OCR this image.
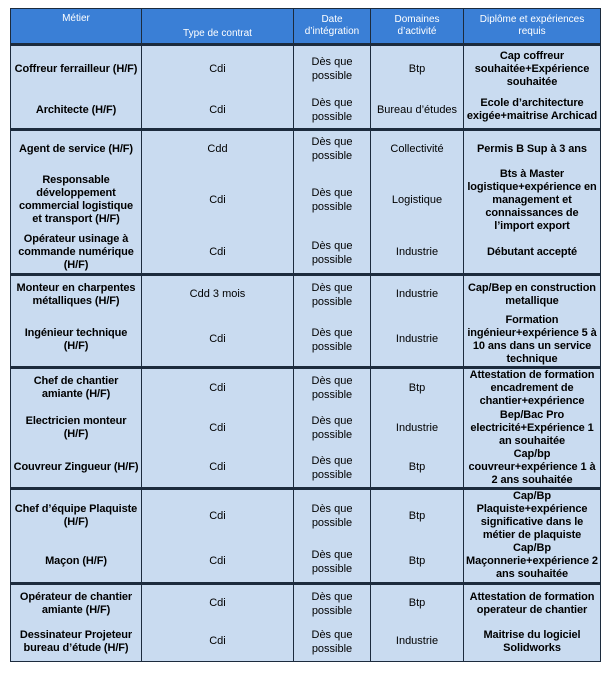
Métier	Type de contrat	Date d’intégration	Domaines d’activité	Diplôme et expériences requis
Coffreur ferrailleur (H/F)	Cdi	Dès que possible	Btp	Cap coffreur souhaitée+Expérience souhaitée
Architecte (H/F)	Cdi	Dès que possible	Bureau d’études	Ecole d’architecture exigée+maitrise Archicad
Agent de service (H/F)	Cdd	Dès que possible	Collectivité	Permis B Sup à 3 ans
Responsable développement commercial logistique et transport (H/F)	Cdi	Dès que possible	Logistique	Bts à Master logistique+expérience en management et connaissances de l’import export
Opérateur usinage à commande numérique (H/F)	Cdi	Dès que possible	Industrie	Débutant accepté
Monteur en charpentes métalliques (H/F)	Cdd 3 mois	Dès que possible	Industrie	Cap/Bep en construction metallique
Ingénieur technique (H/F)	Cdi	Dès que possible	Industrie	Formation ingénieur+expérience 5 à 10 ans dans un service technique
Chef de chantier amiante (H/F)	Cdi	Dès que possible	Btp	Attestation de formation encadrement de chantier+expérience
Electricien monteur (H/F)	Cdi	Dès que possible	Industrie	Bep/Bac Pro electricité+Expérience 1 an souhaitée
Couvreur Zingueur (H/F)	Cdi	Dès que possible	Btp	Cap/bp couvreur+expérience 1 à 2 ans souhaitée
Chef d’équipe Plaquiste (H/F)	Cdi	Dès que possible	Btp	Cap/Bp Plaquiste+expérience significative dans le métier de plaquiste
Maçon (H/F)	Cdi	Dès que possible	Btp	Cap/Bp Maçonnerie+expérience 2 ans souhaitée
Opérateur de chantier amiante (H/F)	Cdi	Dès que possible	Btp	Attestation de formation operateur de chantier
Dessinateur Projeteur bureau d’étude (H/F)	Cdi	Dès que possible	Industrie	Maitrise du logiciel Solidworks
